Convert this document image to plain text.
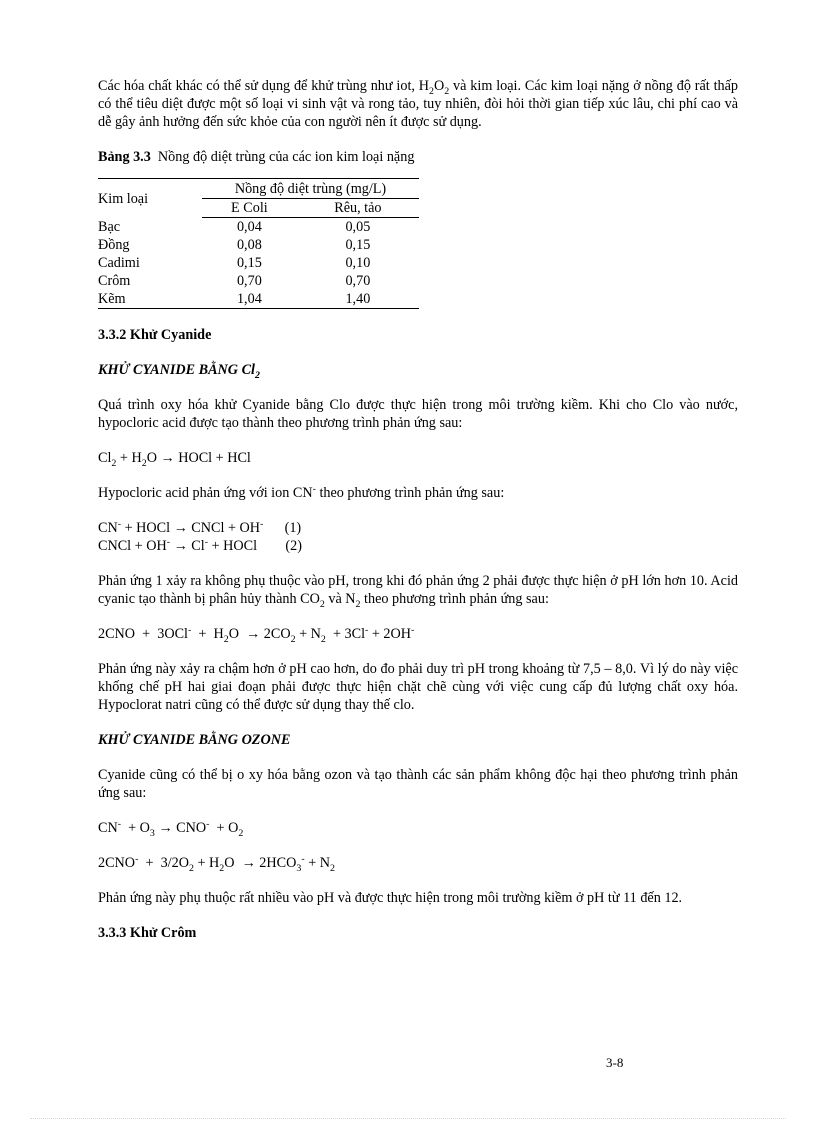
Các hóa chất khác có thể sử dụng để khử trùng như iot, $H_2O_2$ và kim loại. Các kim loại nặng ở nồng độ rất thấp có thể tiêu diệt được một số loại vi sinh vật và rong tảo, tuy nhiên, đòi hỏi thời gian tiếp xúc lâu, chi phí cao và dễ gây ảnh hưởng đến sức khỏe của con người nên ít được sử dụng.

Bảng 3.3 Nồng độ diệt trùng của các ion kim loại nặng

Kim loại	Nồng độ diệt trùng (mg/L)	
	E Coli	Rêu, tảo
Bạc	0,04	0,05
Đồng	0,08	0,15
Cadimi	0,15	0,10
Crôm	0,70	0,70
Kẽm	1,04	1,40

3.3.2 Khử Cyanide

KHỬ CYANIDE BẰNG $Cl_2$

Quá trình oxy hóa khử Cyanide bằng Clo được thực hiện trong môi trường kiềm. Khi cho Clo vào nước, hypocloric acid được tạo thành theo phương trình phản ứng sau:

$Cl_2 + H_2O$ → HOCl + HCl

Hypocloric acid phản ứng với ion CN- theo phương trình phản ứng sau:

CN- + HOCl → CNCl + OH-      (1)
CNCl + OH- → Cl- + HOCl        (2)

Phản ứng 1 xảy ra không phụ thuộc vào pH, trong khi đó phản ứng 2 phải được thực hiện ở pH lớn hơn 10. Acid cyanic tạo thành bị phân hủy thành $CO_2$ và $N_2$ theo phương trình phản ứng sau:

$2CNO + 3OCl^- + H_2O \to 2CO_2 + N_2 + 3Cl^- + 2OH^-$

Phản ứng này xảy ra chậm hơn ở pH cao hơn, do đo phải duy trì pH trong khoảng từ 7,5 – 8,0. Vì lý do này việc khống chế pH hai giai đoạn phải được thực hiện chặt chẽ cùng với việc cung cấp đủ lượng chất oxy hóa. Hypoclorat natri cũng có thể được sử dụng thay thế clo.

KHỬ CYANIDE BẰNG OZONE

Cyanide cũng có thể bị o xy hóa bằng ozon và tạo thành các sản phẩm không độc hại theo phương trình phản ứng sau:

$CN^- + O_3 \to CNO^- + O_2$

$2CNO^- + 3/2O_2 + H_2O \to 2HCO_3^- + N_2$

Phản ứng này phụ thuộc rất nhiều vào pH và được thực hiện trong môi trường kiềm ở pH từ 11 đến 12.

3.3.3 Khử Crôm

3-8
